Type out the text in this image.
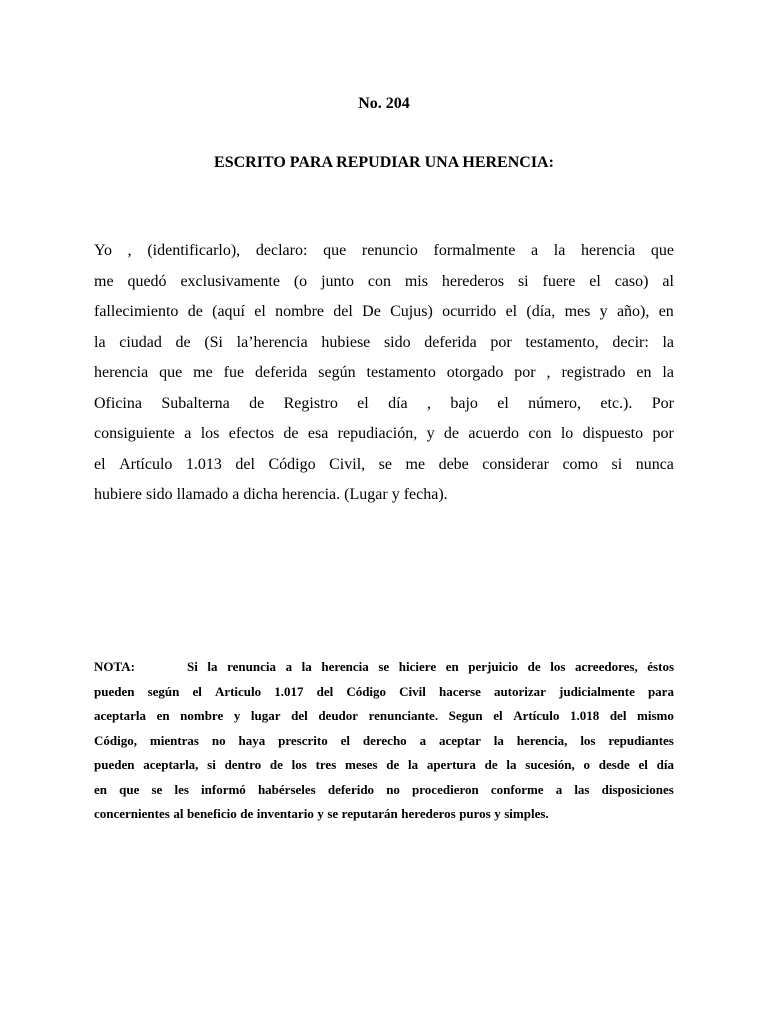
No. 204
ESCRITO PARA REPUDIAR UNA HERENCIA:
Yo , (identificarlo), declaro: que renuncio formalmente a la herencia que
me quedó exclusivamente (o junto con mis herederos si fuere el caso) al
fallecimiento de (aquí el nombre del De Cujus) ocurrido el (día, mes y año), en
la ciudad de (Si la’herencia hubiese sido deferida por testamento, decir: la
herencia que me fue deferida según testamento otorgado por , registrado en la
Oficina Subalterna de Registro el día , bajo el número, etc.). Por
consiguiente a los efectos de esa repudiación, y de acuerdo con lo dispuesto por
el Artículo 1.013 del Código Civil, se me debe considerar como si nunca
hubiere sido llamado a dicha herencia. (Lugar y fecha).
NOTA:	Si la renuncia a la herencia se hiciere en perjuicio de los acreedores, éstos
pueden según el Articulo 1.017 del Código Civil hacerse autorizar judicialmente para
aceptarla en nombre y lugar del deudor renunciante. Segun el Artículo 1.018 del mismo
Código, mientras no haya prescrito el derecho a aceptar la herencia, los repudiantes
pueden aceptarla, si dentro de los tres meses de la apertura de la sucesión, o desde el día
en que se les informó habérseles deferido no procedieron conforme a las disposiciones
concernientes al beneficio de inventario y se reputarán herederos puros y simples.
